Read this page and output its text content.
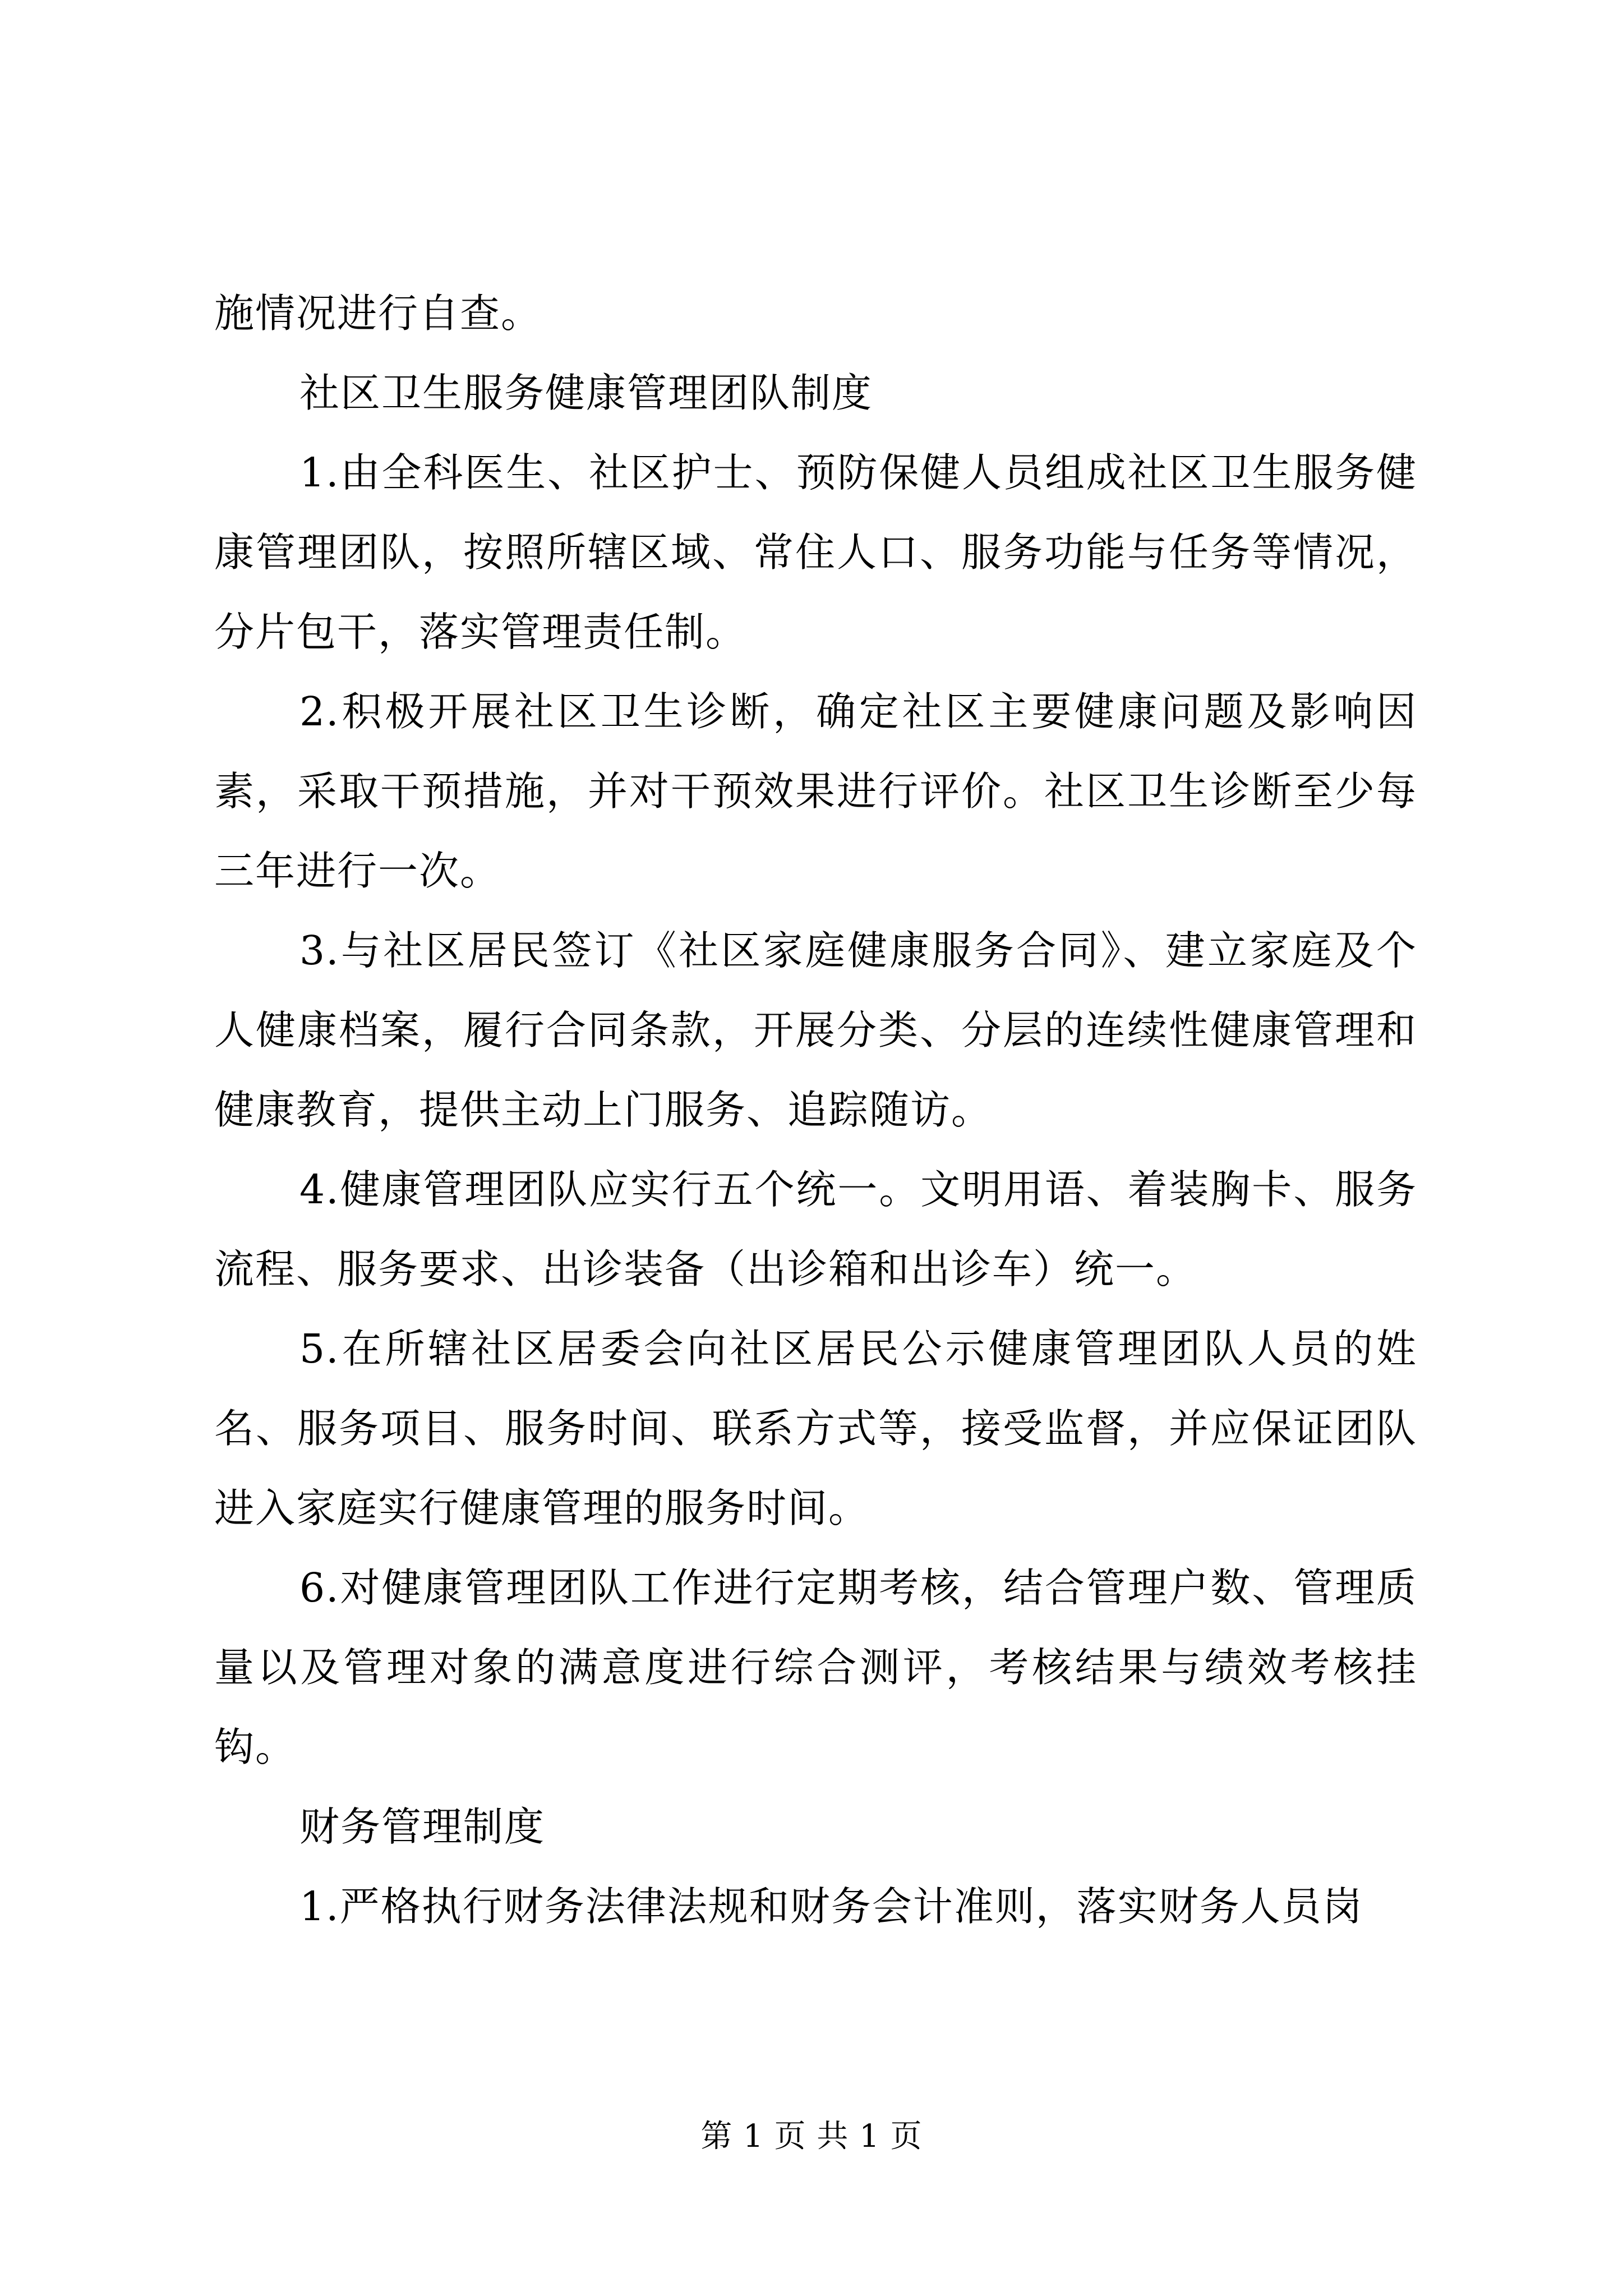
施情况进行自查。

社区卫生服务健康管理团队制度

1.由全科医生、社区护士、预防保健人员组成社区卫生服务健康管理团队，按照所辖区域、常住人口、服务功能与任务等情况，分片包干，落实管理责任制。

2.积极开展社区卫生诊断，确定社区主要健康问题及影响因素，采取干预措施，并对干预效果进行评价。社区卫生诊断至少每三年进行一次。

3.与社区居民签订《社区家庭健康服务合同》、建立家庭及个人健康档案，履行合同条款，开展分类、分层的连续性健康管理和健康教育，提供主动上门服务、追踪随访。

4.健康管理团队应实行五个统一。文明用语、着装胸卡、服务流程、服务要求、出诊装备（出诊箱和出诊车）统一。

5.在所辖社区居委会向社区居民公示健康管理团队人员的姓名、服务项目、服务时间、联系方式等，接受监督，并应保证团队进入家庭实行健康管理的服务时间。

6.对健康管理团队工作进行定期考核，结合管理户数、管理质量以及管理对象的满意度进行综合测评，考核结果与绩效考核挂钩。

财务管理制度

1.严格执行财务法律法规和财务会计准则，落实财务人员岗

第 1 页 共 1 页
